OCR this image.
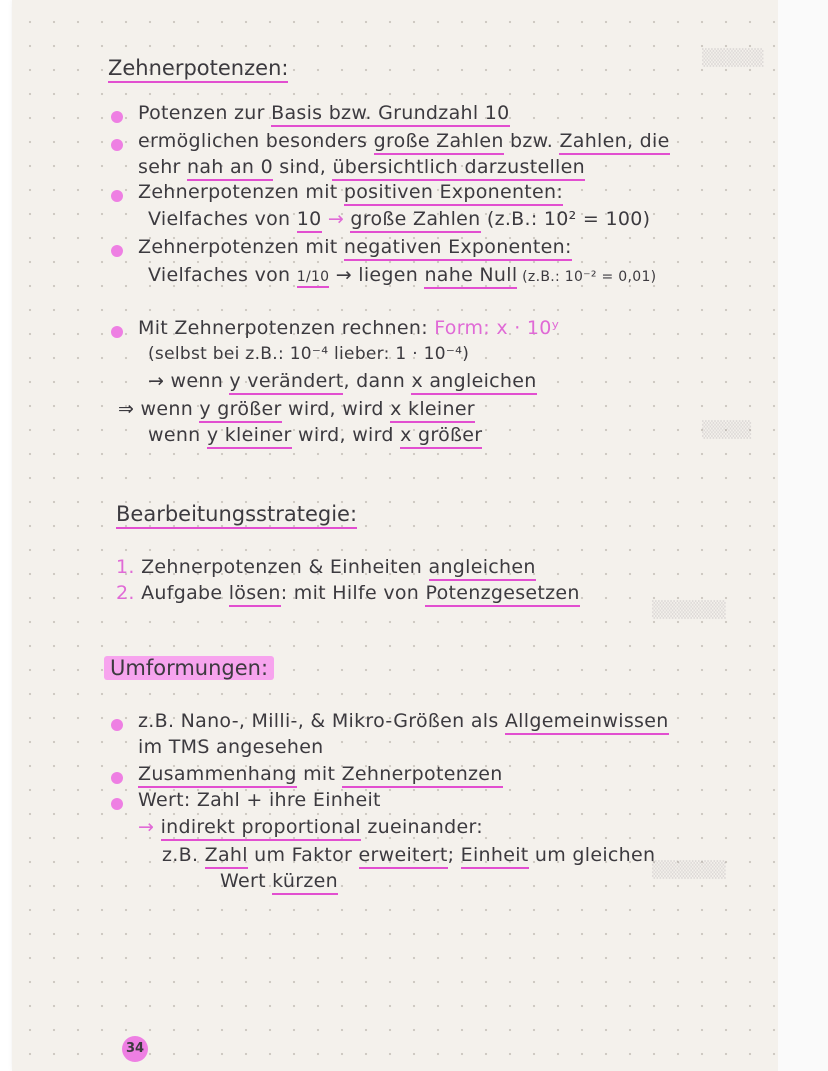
▒▒▒▒▒
▒▒▒▒
▒▒▒▒▒▒
▒▒▒▒▒▒
Zehnerpotenzen:
Potenzen zur Basis bzw. Grundzahl 10
ermöglichen besonders große Zahlen bzw. Zahlen, die
sehr nah an 0 sind, übersichtlich darzustellen
Zehnerpotenzen mit positiven Exponenten:
Vielfaches von 10 → große Zahlen (z.B.: 10² = 100)
Zehnerpotenzen mit negativen Exponenten:
Vielfaches von 1/10 → liegen nahe Null (z.B.: 10⁻² = 0,01)
Mit Zehnerpotenzen rechnen: Form: x · 10ʸ
(selbst bei z.B.: 10⁻⁴ lieber: 1 · 10⁻⁴)
→ wenn y verändert, dann x angleichen
⇒ wenn y größer wird, wird x kleiner
wenn y kleiner wird, wird x größer
Bearbeitungsstrategie:
1. Zehnerpotenzen & Einheiten angleichen
2. Aufgabe lösen: mit Hilfe von Potenzgesetzen
Umformungen:
z.B. Nano-, Milli-, & Mikro-Größen als Allgemeinwissen
im TMS angesehen
Zusammenhang mit Zehnerpotenzen
Wert: Zahl + ihre Einheit
→ indirekt proportional zueinander:
z.B. Zahl um Faktor erweitert; Einheit um gleichen
Wert kürzen
34
